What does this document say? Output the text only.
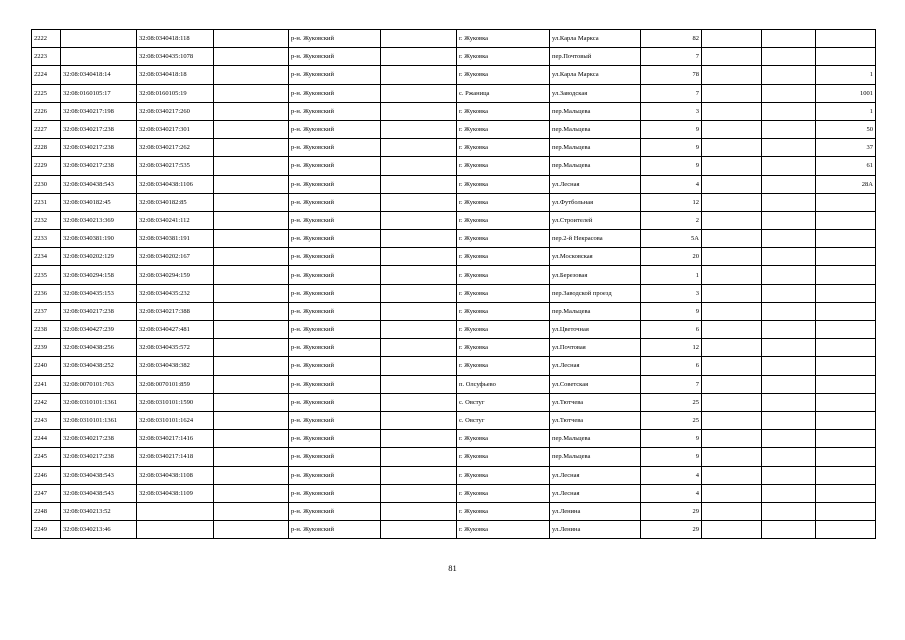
2222		32:08:0340418:118		р-н. Жуковский		г. Жуковка	ул.Карла Маркса	82			
2223		32:08:0340435:1078		р-н. Жуковский		г. Жуковка	пер.Почтовый	7			
2224	32:08:0340418:14	32:08:0340418:18		р-н. Жуковский		г. Жуковка	ул.Карла Маркса	78			1
2225	32:08:0160105:17	32:08:0160105:19		р-н. Жуковский		с. Ржаница	ул.Заводская	7			1001
2226	32:08:0340217:198	32:08:0340217:260		р-н. Жуковский		г. Жуковка	пер.Мальцева	3			1
2227	32:08:0340217:238	32:08:0340217:301		р-н. Жуковский		г. Жуковка	пер.Мальцева	9			50
2228	32:08:0340217:238	32:08:0340217:262		р-н. Жуковский		г. Жуковка	пер.Мальцева	9			37
2229	32:08:0340217:238	32:08:0340217:535		р-н. Жуковский		г. Жуковка	пер.Мальцева	9			61
2230	32:08:0340438:543	32:08:0340438:1106		р-н. Жуковский		г. Жуковка	ул.Лесная	4			28А
2231	32:08:0340182:45	32:08:0340182:85		р-н. Жуковский		г. Жуковка	ул.Футбольная	12			
2232	32:08:0340213:369	32:08:0340241:112		р-н. Жуковский		г. Жуковка	ул.Строителей	2			
2233	32:08:0340381:190	32:08:0340381:191		р-н. Жуковский		г. Жуковка	пер.2-й Некрасова	5А			
2234	32:08:0340202:129	32:08:0340202:167		р-н. Жуковский		г. Жуковка	ул.Московская	20			
2235	32:08:0340294:158	32:08:0340294:159		р-н. Жуковский		г. Жуковка	ул.Березовая	1			
2236	32:08:0340435:153	32:08:0340435:232		р-н. Жуковский		г. Жуковка	пер.Заводской проезд	3			
2237	32:08:0340217:238	32:08:0340217:388		р-н. Жуковский		г. Жуковка	пер.Мальцева	9			
2238	32:08:0340427:239	32:08:0340427:481		р-н. Жуковский		г. Жуковка	ул.Цветочная	6			
2239	32:08:0340438:256	32:08:0340435:572		р-н. Жуковский		г. Жуковка	ул.Почтовая	12			
2240	32:08:0340438:252	32:08:0340438:382		р-н. Жуковский		г. Жуковка	ул.Лесная	6			
2241	32:08:0070101:763	32:08:0070101:859		р-н. Жуковский		п. Олсуфьево	ул.Советская	7			
2242	32:08:0310101:1361	32:08:0310101:1590		р-н. Жуковский		с. Овстуг	ул.Тютчева	25			
2243	32:08:0310101:1361	32:08:0310101:1624		р-н. Жуковский		с. Овстуг	ул.Тютчева	25			
2244	32:08:0340217:238	32:08:0340217:1416		р-н. Жуковский		г. Жуковка	пер.Мальцева	9			
2245	32:08:0340217:238	32:08:0340217:1418		р-н. Жуковский		г. Жуковка	пер.Мальцева	9			
2246	32:08:0340438:543	32:08:0340438:1108		р-н. Жуковский		г. Жуковка	ул.Лесная	4			
2247	32:08:0340438:543	32:08:0340438:1109		р-н. Жуковский		г. Жуковка	ул.Лесная	4			
2248	32:08:0340213:52			р-н. Жуковский		г. Жуковка	ул.Ленина	29			
2249	32:08:0340213:46			р-н. Жуковский		г. Жуковка	ул.Ленина	29			
81
